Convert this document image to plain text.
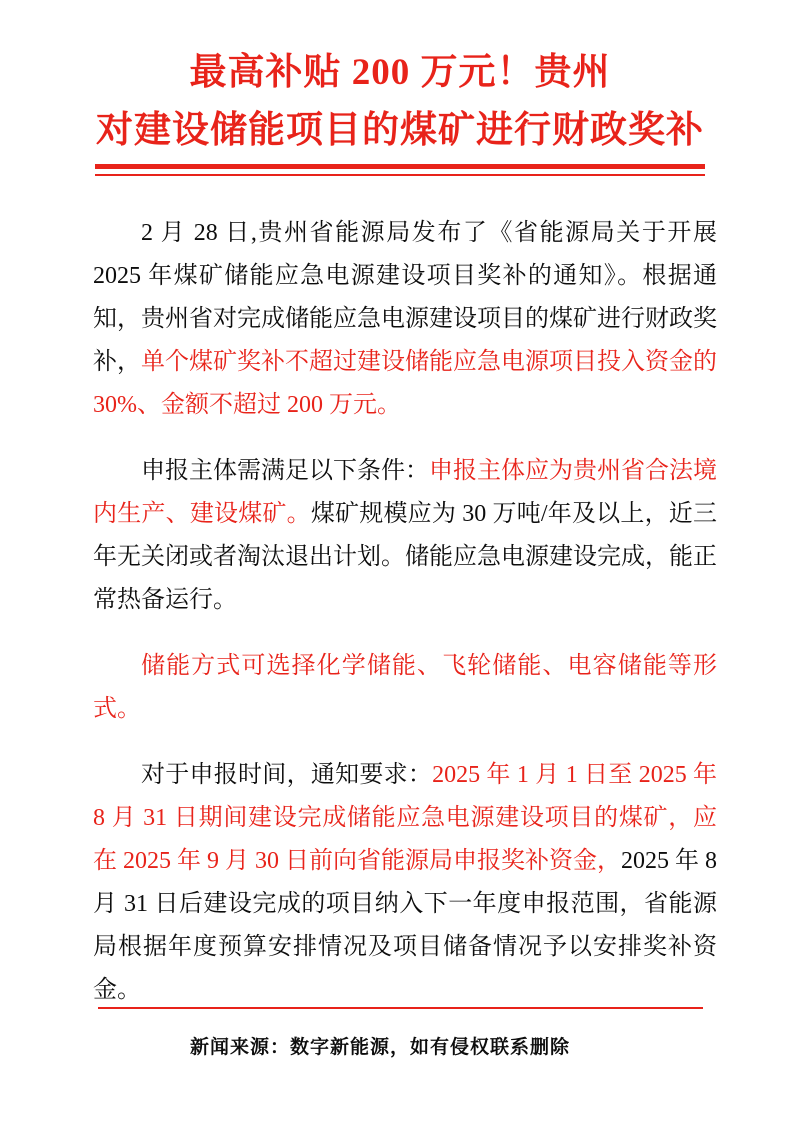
最高补贴 200 万元！贵州
对建设储能项目的煤矿进行财政奖补

2 月 28 日,贵州省能源局发布了《省能源局关于开展 2025 年煤矿储能应急电源建设项目奖补的通知》。根据通知，贵州省对完成储能应急电源建设项目的煤矿进行财政奖补，单个煤矿奖补不超过建设储能应急电源项目投入资金的 30%、金额不超过 200 万元。

申报主体需满足以下条件：申报主体应为贵州省合法境内生产、建设煤矿。煤矿规模应为 30 万吨/年及以上，近三年无关闭或者淘汰退出计划。储能应急电源建设完成，能正常热备运行。

储能方式可选择化学储能、飞轮储能、电容储能等形式。

对于申报时间，通知要求：2025 年 1 月 1 日至 2025 年 8 月 31 日期间建设完成储能应急电源建设项目的煤矿，应在 2025 年 9 月 30 日前向省能源局申报奖补资金，2025 年 8 月 31 日后建设完成的项目纳入下一年度申报范围，省能源局根据年度预算安排情况及项目储备情况予以安排奖补资金。

新闻来源：数字新能源，如有侵权联系删除
